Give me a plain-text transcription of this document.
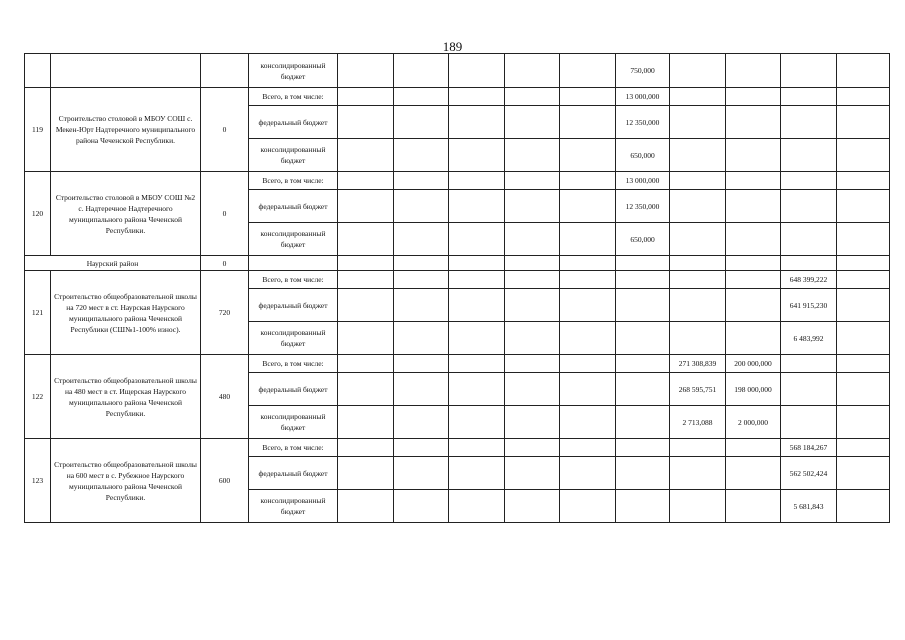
189
			консолидированный бюджет						750,000				
119	Строительство столовой в МБОУ СОШ с. Мекен-Юрт Надтеречного муниципального района Чеченской Республики.	0	Всего, в том числе:						13 000,000				
			федеральный бюджет						12 350,000				
			консолидированный бюджет						650,000				
120	Строительство столовой в МБОУ СОШ №2 с. Надтеречное Надтеречного муниципального района Чеченской Республики.	0	Всего, в том числе:						13 000,000				
			федеральный бюджет						12 350,000				
			консолидированный бюджет						650,000				
Наурский район		0											
121	Строительство общеобразовательной школы на 720 мест в ст. Наурская Наурского муниципального района Чеченской Республики (СШ№1-100% износ).	720	Всего, в том числе:									648 399,222	
			федеральный бюджет									641 915,230	
			консолидированный бюджет									6 483,992	
122	Строительство общеобразовательной школы на 480 мест в ст. Ищерская Наурского муниципального района Чеченской Республики.	480	Всего, в том числе:							271 308,839	200 000,000		
			федеральный бюджет							268 595,751	198 000,000		
			консолидированный бюджет							2 713,088	2 000,000		
123	Строительство общеобразовательной школы на 600 мест в с. Рубежное Наурского муниципального района Чеченской Республики.	600	Всего, в том числе:									568 184,267	
			федеральный бюджет									562 502,424	
			консолидированный бюджет									5 681,843	
